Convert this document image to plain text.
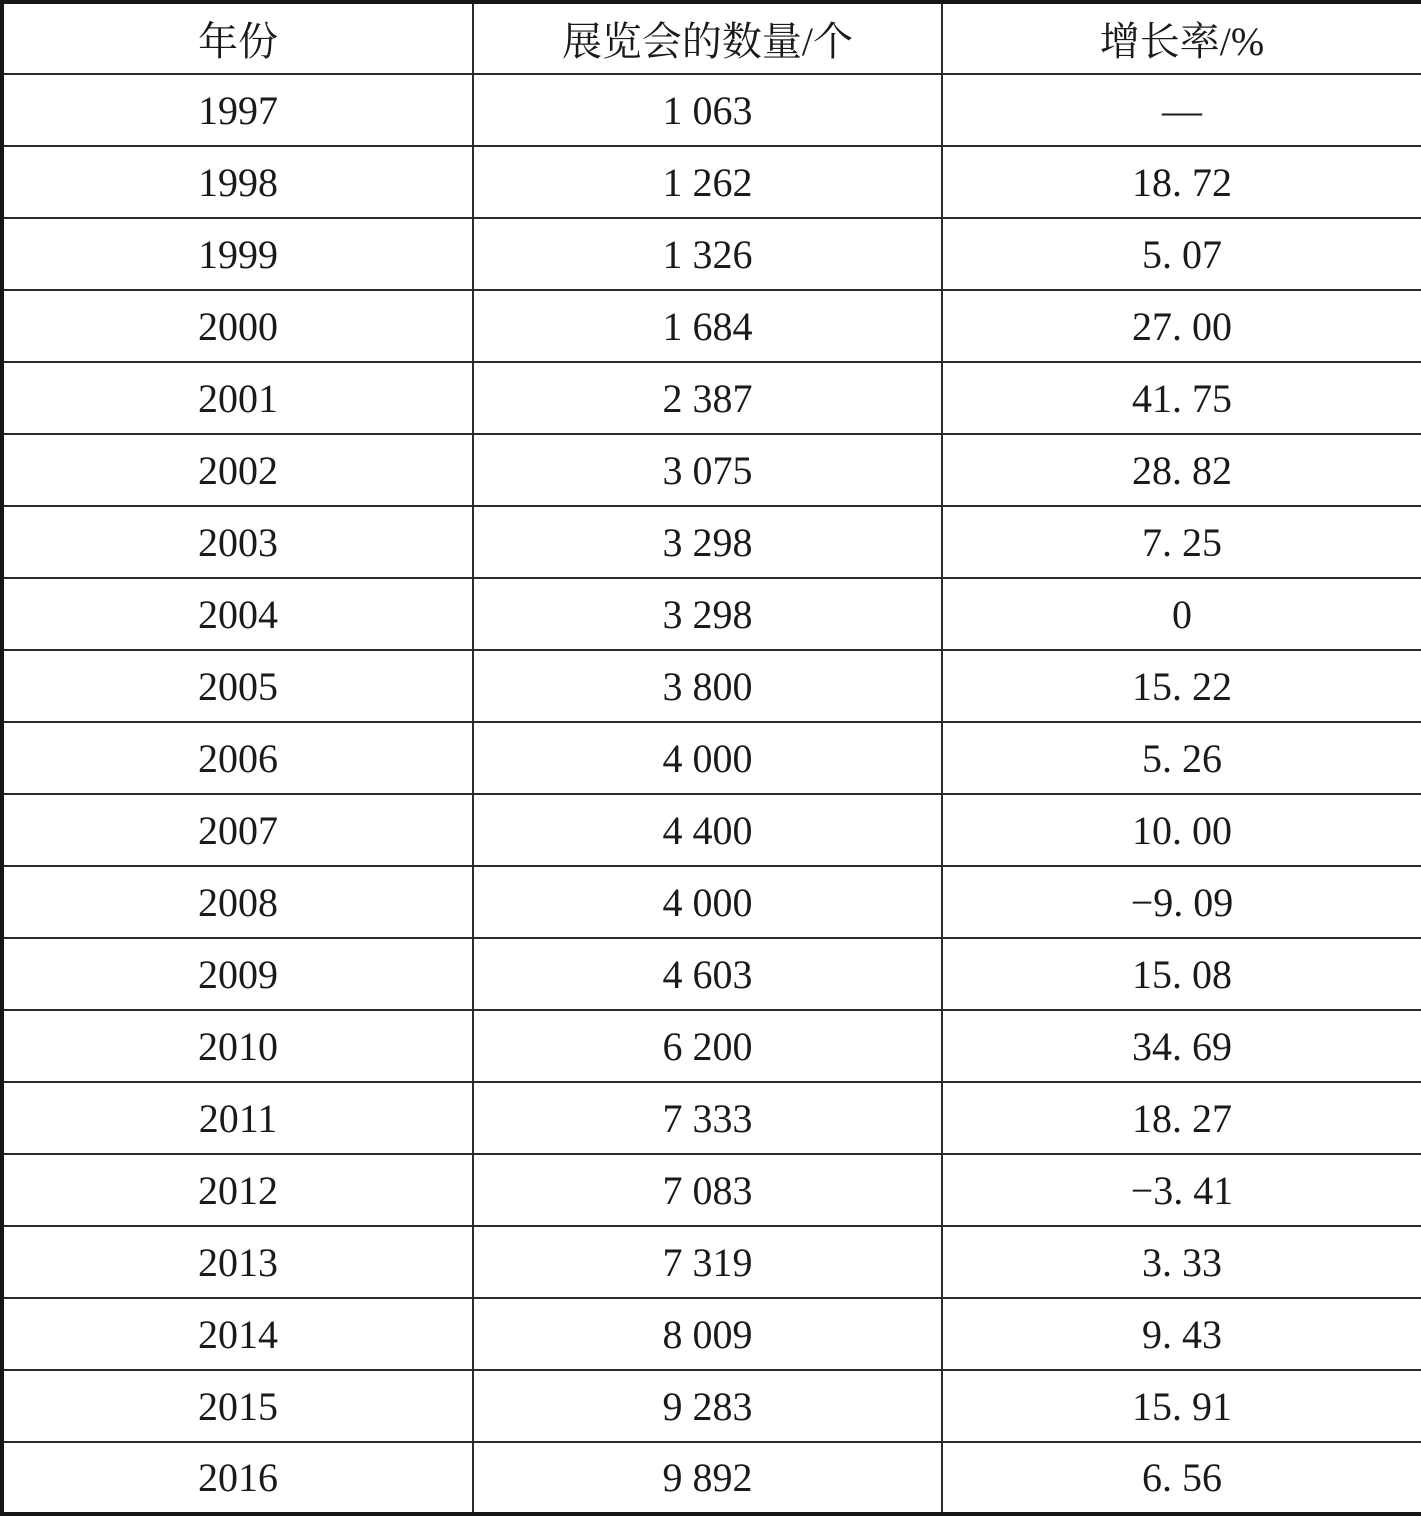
年份	展览会的数量/个	增长率/%
1997	1 063	—
1998	1 262	18. 72
1999	1 326	5. 07
2000	1 684	27. 00
2001	2 387	41. 75
2002	3 075	28. 82
2003	3 298	7. 25
2004	3 298	0
2005	3 800	15. 22
2006	4 000	5. 26
2007	4 400	10. 00
2008	4 000	−9. 09
2009	4 603	15. 08
2010	6 200	34. 69
2011	7 333	18. 27
2012	7 083	−3. 41
2013	7 319	3. 33
2014	8 009	9. 43
2015	9 283	15. 91
2016	9 892	6. 56
